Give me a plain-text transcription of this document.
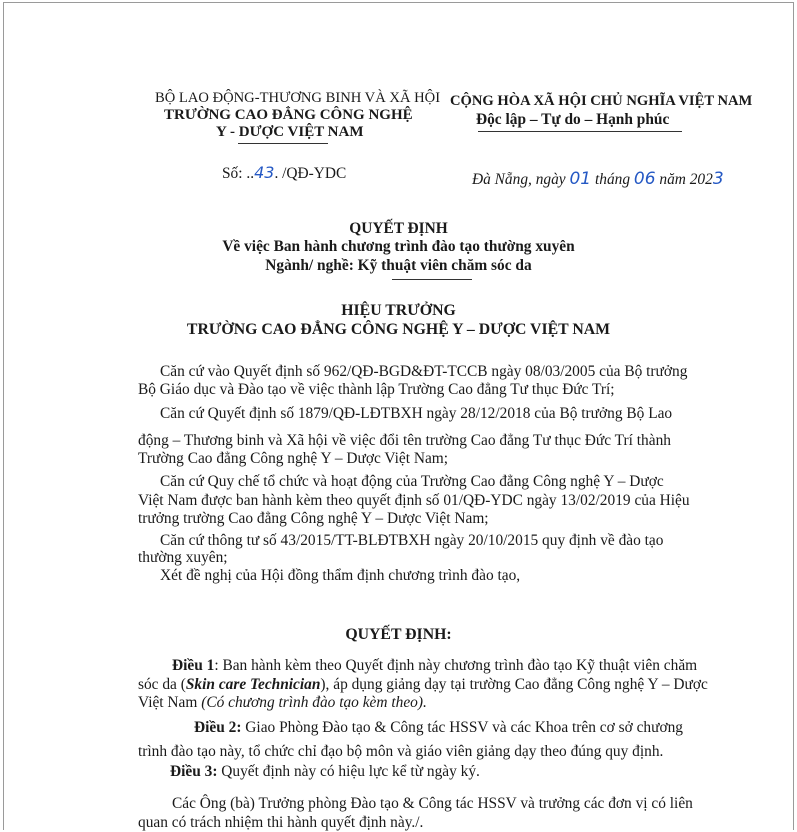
BỘ LAO ĐỘNG-THƯƠNG BINH VÀ XÃ HỘI
TRƯỜNG CAO ĐẲNG CÔNG NGHỆ
Y - DƯỢC VIỆT NAM
CỘNG HÒA XÃ HỘI CHỦ NGHĨA VIỆT NAM
Độc lập – Tự do – Hạnh phúc
Số: ..43. /QĐ-YDC	Đà Nẵng, ngày 01 tháng 06 năm 2023
QUYẾT ĐỊNH
Về việc Ban hành chương trình đào tạo thường xuyên
Ngành/ nghề: Kỹ thuật viên chăm sóc da
HIỆU TRƯỞNG
TRƯỜNG CAO ĐẲNG CÔNG NGHỆ Y – DƯỢC VIỆT NAM
Căn cứ vào Quyết định số 962/QĐ-BGD&ĐT-TCCB ngày 08/03/2005 của Bộ trưởng
Bộ Giáo dục và Đào tạo về việc thành lập Trường Cao đẳng Tư thục Đức Trí;
Căn cứ Quyết định số 1879/QĐ-LĐTBXH ngày 28/12/2018 của Bộ trưởng Bộ Lao
động – Thương binh và Xã hội về việc đổi tên trường Cao đẳng Tư thục Đức Trí thành
Trường Cao đẳng Công nghệ Y – Dược Việt Nam;
Căn cứ Quy chế tổ chức và hoạt động của Trường Cao đẳng Công nghệ Y – Dược
Việt Nam được ban hành kèm theo quyết định số 01/QĐ-YDC ngày 13/02/2019 của Hiệu
trưởng trường Cao đẳng Công nghệ Y – Dược Việt Nam;
Căn cứ thông tư số 43/2015/TT-BLĐTBXH ngày 20/10/2015 quy định về đào tạo
thường xuyên;
Xét đề nghị của Hội đồng thẩm định chương trình đào tạo,
QUYẾT ĐỊNH:
Điều 1: Ban hành kèm theo Quyết định này chương trình đào tạo Kỹ thuật viên chăm
sóc da (Skin care Technician), áp dụng giảng dạy tại trường Cao đẳng Công nghệ Y – Dược
Việt Nam (Có chương trình đào tạo kèm theo).
Điều 2: Giao Phòng Đào tạo & Công tác HSSV và các Khoa trên cơ sở chương
trình đào tạo này, tổ chức chỉ đạo bộ môn và giáo viên giảng dạy theo đúng quy định.
Điều 3: Quyết định này có hiệu lực kể từ ngày ký.
Các Ông (bà) Trưởng phòng Đào tạo & Công tác HSSV và trưởng các đơn vị có liên
quan có trách nhiệm thi hành quyết định này./.
